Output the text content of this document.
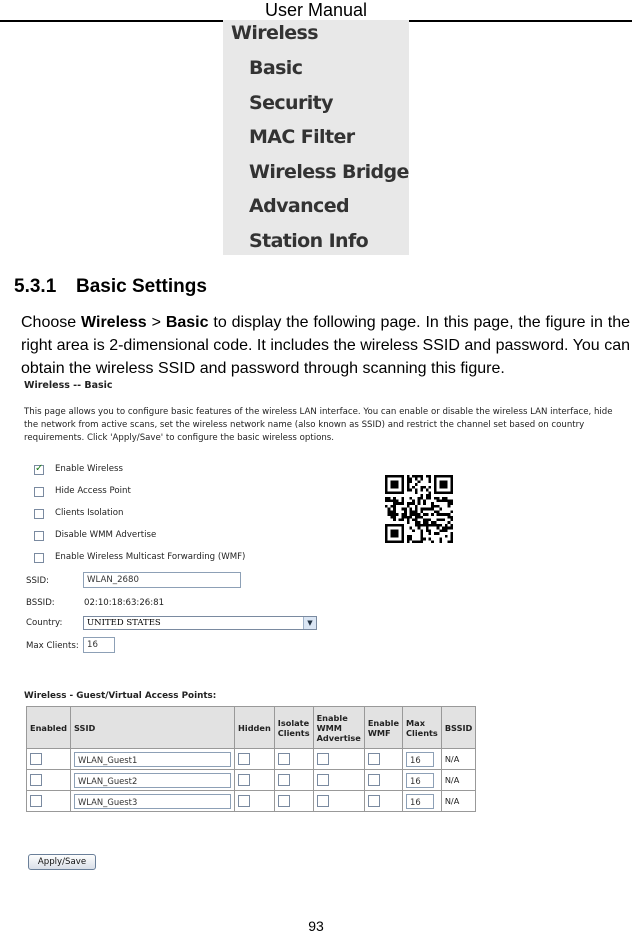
User Manual
Wireless
Basic
Security
MAC Filter
Wireless Bridge
Advanced
Station Info
5.3.1 Basic Settings
Choose Wireless > Basic to display the following page. In this page, the figure in the right area is 2-dimensional code. It includes the wireless SSID and password. You can obtain the wireless SSID and password through scanning this figure.
Wireless -- Basic
This page allows you to configure basic features of the wireless LAN interface. You can enable or disable the wireless LAN interface, hide the network from active scans, set the wireless network name (also known as SSID) and restrict the channel set based on country requirements. Click 'Apply/Save' to configure the basic wireless options.
✓
Enable Wireless
Hide Access Point
Clients Isolation
Disable WMM Advertise
Enable Wireless Multicast Forwarding (WMF)
SSID:	WLAN_2680
BSSID:	02:10:18:63:26:81
Country:	UNITED STATES	▼
Max Clients: 16
Wireless - Guest/Virtual Access Points:
Enabled	SSID	Hidden	Isolate Clients	Enable WMM Advertise	Enable WMF	Max Clients	BSSID
	WLAN_Guest1					16	N/A
	WLAN_Guest2					16	N/A
	WLAN_Guest3					16	N/A
Apply/Save
93
